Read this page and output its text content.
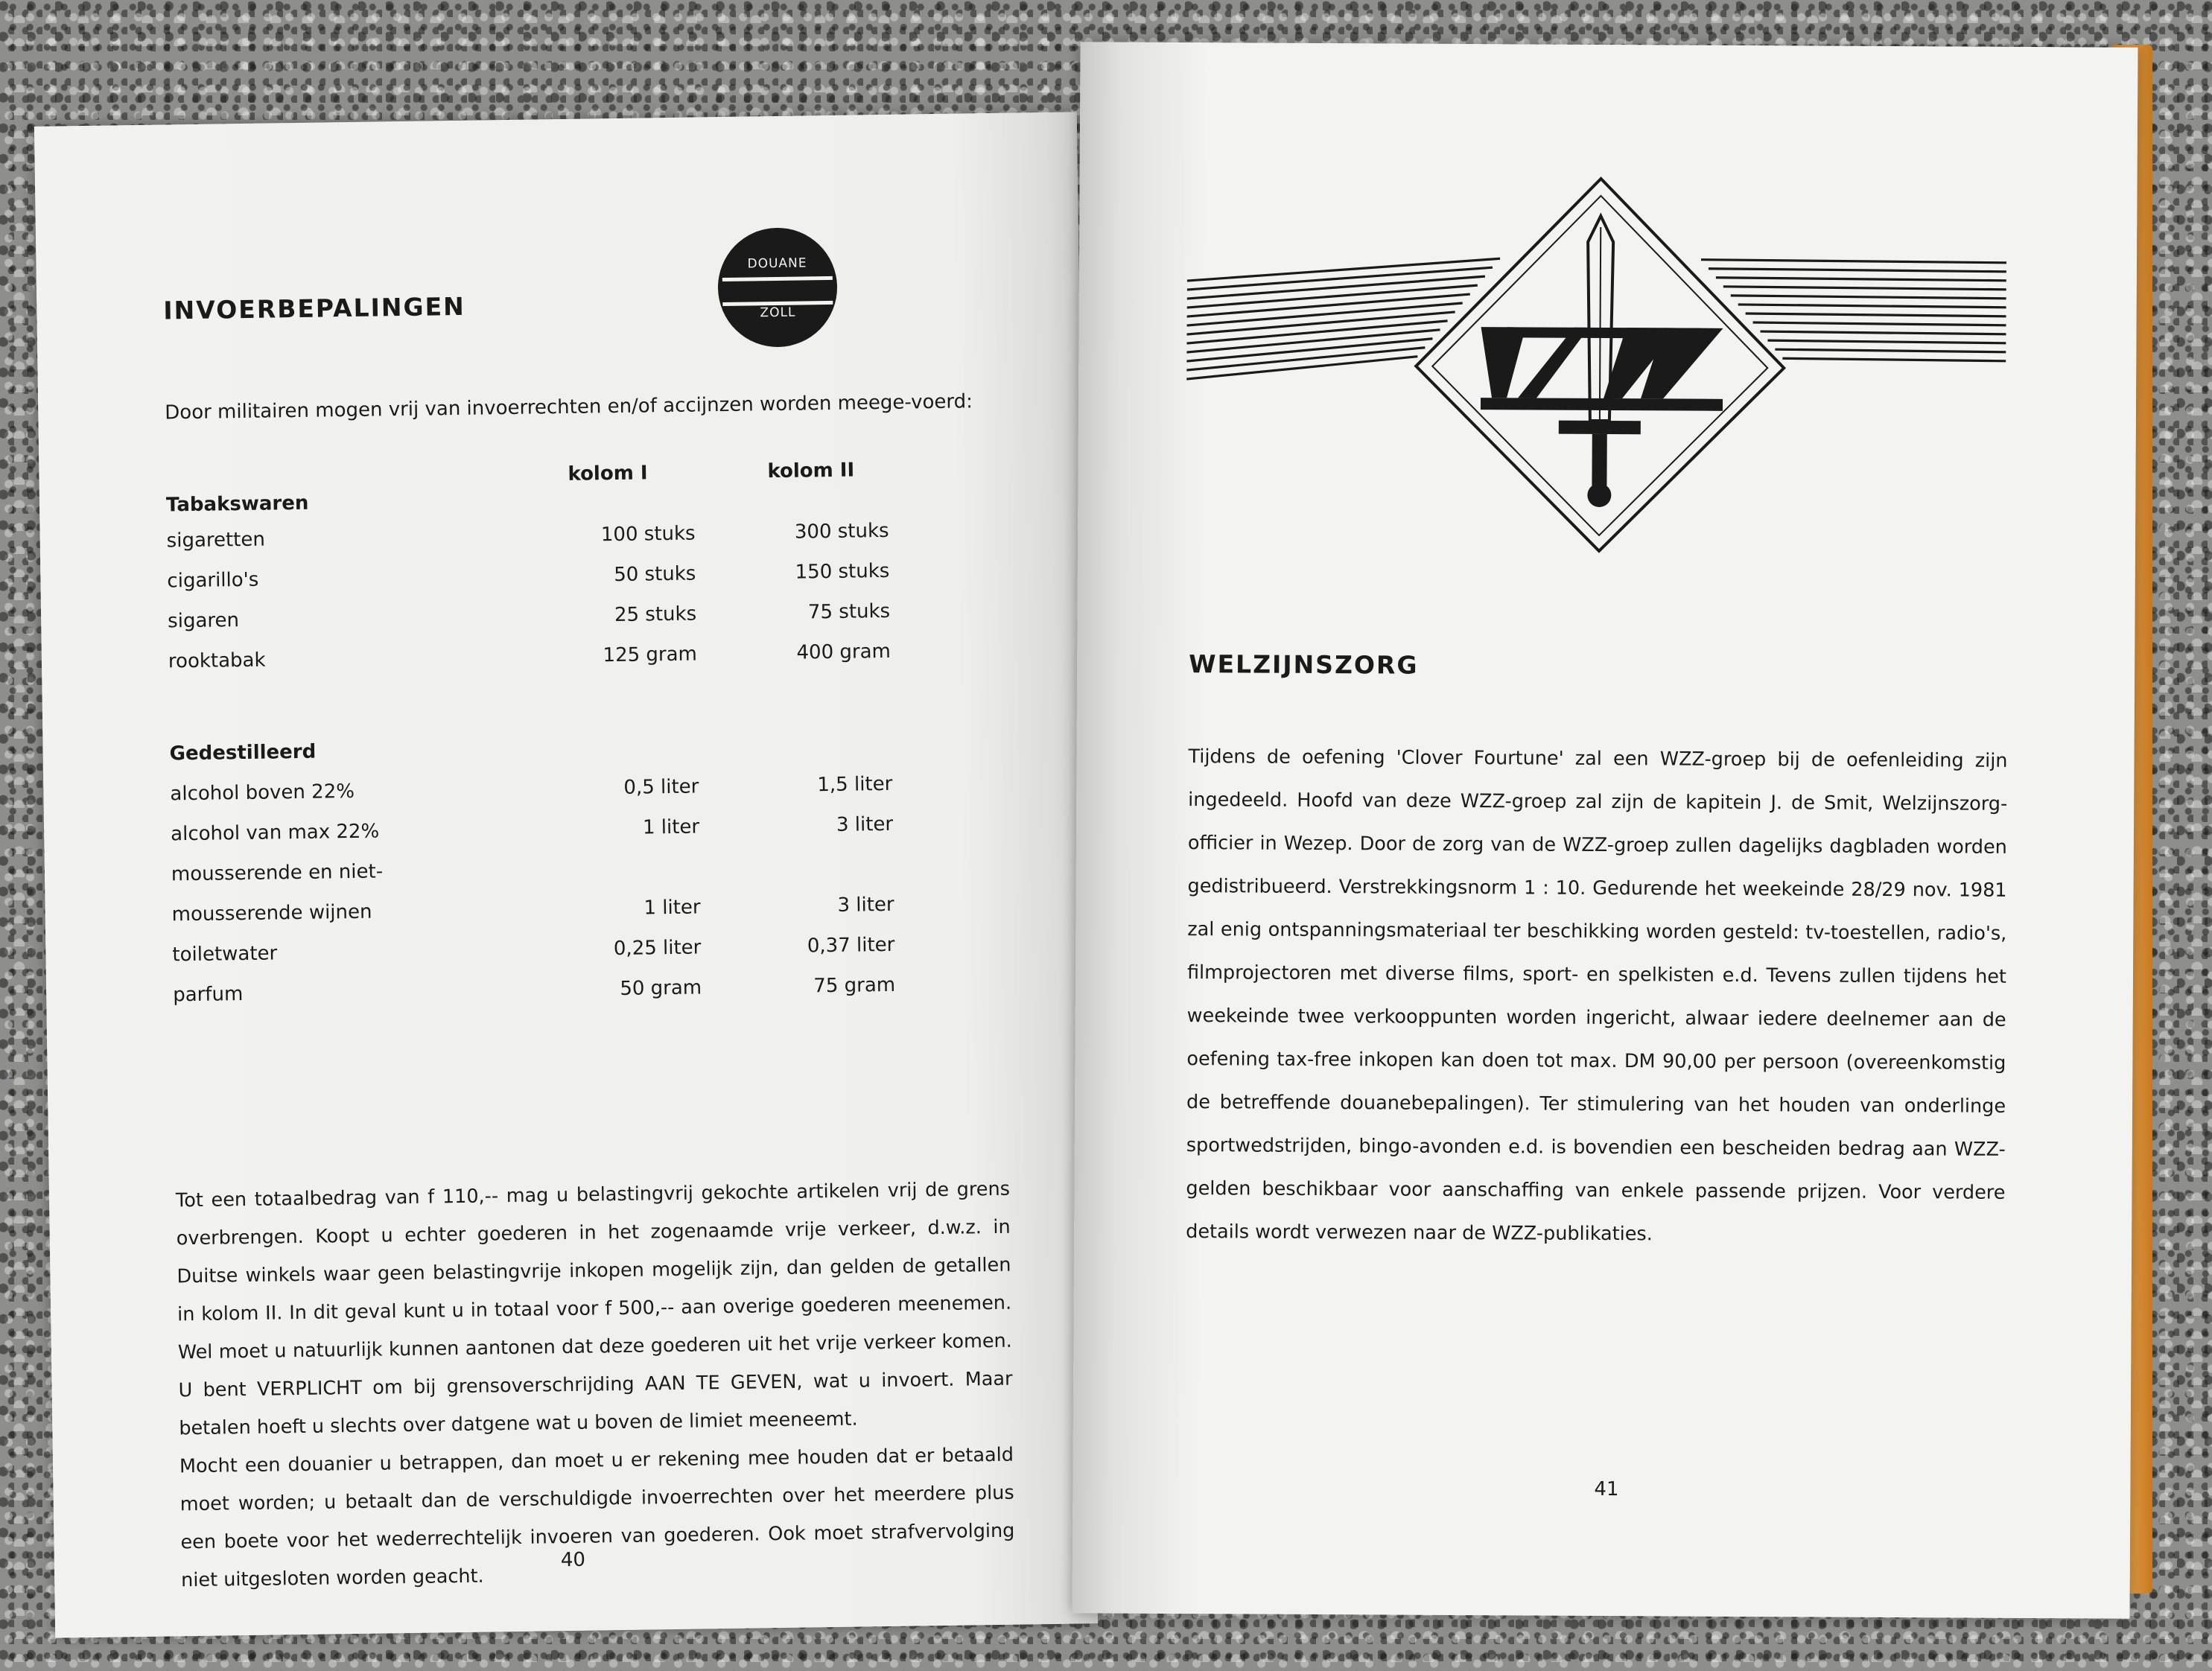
INVOERBEPALINGEN
DOUANE
ZOLL
Door militairen mogen vrij van invoerrechten en/of accijnzen worden meege-voerd:
Tabakswaren
kolom I	kolom II
sigaretten	100 stuks	300 stuks
cigarillo's	50 stuks	150 stuks
sigaren	25 stuks	75 stuks
rooktabak	125 gram	400 gram
Gedestilleerd
alcohol boven 22%	0,5 liter	1,5 liter
alcohol van max 22%	1 liter	3 liter
mousserende en niet-
mousserende wijnen	1 liter	3 liter
toiletwater	0,25 liter	0,37 liter
parfum	50 gram	75 gram

Tot een totaalbedrag van f 110,-- mag u belastingvrij gekochte artikelen vrij de grens overbrengen. Koopt u echter goederen in het zogenaamde vrije verkeer, d.w.z. in Duitse winkels waar geen belastingvrije inkopen mogelijk zijn, dan gelden de getallen in kolom II. In dit geval kunt u in totaal voor f 500,-- aan overige goederen meenemen. Wel moet u natuurlijk kunnen aantonen dat deze goederen uit het vrije verkeer komen. U bent VERPLICHT om bij grensoverschrijding AAN TE GEVEN, wat u invoert. Maar betalen hoeft u slechts over datgene wat u boven de limiet meeneemt.

Mocht een douanier u betrappen, dan moet u er rekening mee houden dat er betaald moet worden; u betaalt dan de verschuldigde invoerrechten over het meerdere plus een boete voor het wederrechtelijk invoeren van goederen. Ook moet strafvervolging niet uitgesloten worden geacht.

40
WELZIJNSZORG

Tijdens de oefening 'Clover Fourtune' zal een WZZ-groep bij de oefenleiding zijn ingedeeld. Hoofd van deze WZZ-groep zal zijn de kapitein J. de Smit, Welzijnszorg-officier in Wezep. Door de zorg van de WZZ-groep zullen dagelijks dagbladen worden gedistribueerd. Verstrekkingsnorm 1 : 10. Gedurende het weekeinde 28/29 nov. 1981 zal enig ontspanningsmateriaal ter beschikking worden gesteld: tv-toestellen, radio's, filmprojectoren met diverse films, sport- en spelkisten e.d. Tevens zullen tijdens het weekeinde twee verkooppunten worden ingericht, alwaar iedere deelnemer aan de oefening tax-free inkopen kan doen tot max. DM 90,00 per persoon (overeenkomstig de betreffende douanebepalingen). Ter stimulering van het houden van onderlinge sportwedstrijden, bingo-avonden e.d. is bovendien een bescheiden bedrag aan WZZ-gelden beschikbaar voor aanschaffing van enkele passende prijzen. Voor verdere details wordt verwezen naar de WZZ-publikaties.

41
